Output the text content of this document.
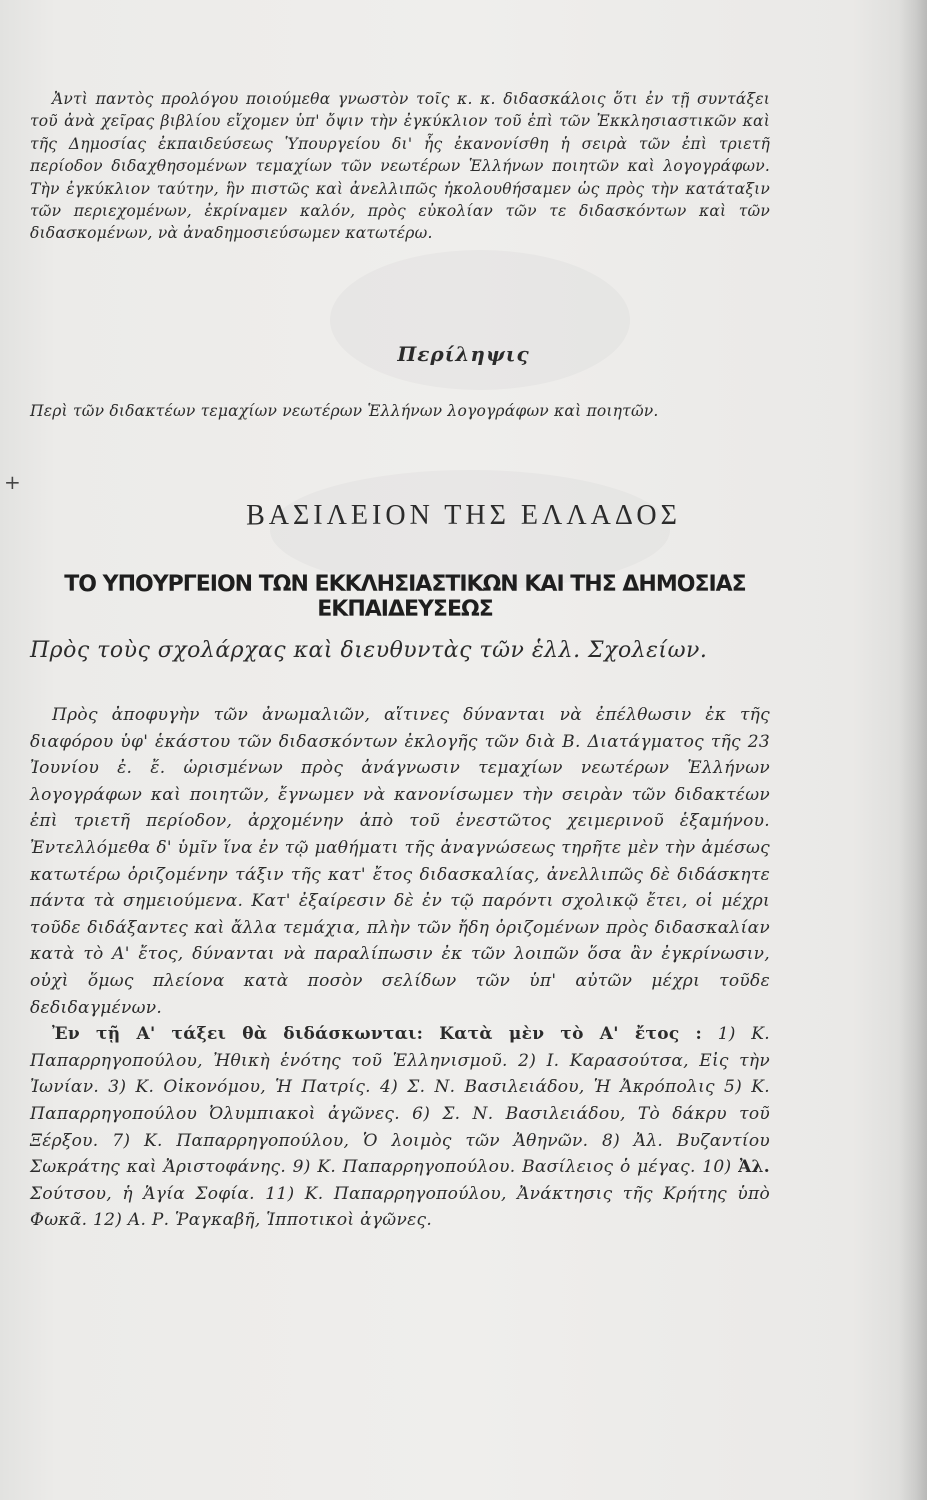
Ἀντὶ παντὸς προλόγου ποιούμεθα γνωστὸν τοῖς κ. κ. διδασκάλοις ὅτι ἐν τῇ συντάξει τοῦ ἀνὰ χεῖρας βιβλίου εἴχομεν ὑπ' ὄψιν τὴν ἐγκύκλιον τοῦ ἐπὶ τῶν Ἐκκλησιαστικῶν καὶ τῆς Δημοσίας ἐκπαιδεύσεως Ὑπουργείου δι' ἧς ἐκανονίσθη ἡ σειρὰ τῶν ἐπὶ τριετῆ περίοδον διδαχθησομένων τεμαχίων τῶν νεωτέρων Ἑλλήνων ποιητῶν καὶ λογογράφων. Τὴν ἐγκύκλιον ταύτην, ἣν πιστῶς καὶ ἀνελλιπῶς ἠκολουθήσαμεν ὡς πρὸς τὴν κατάταξιν τῶν περιεχομένων, ἐκρίναμεν καλόν, πρὸς εὐκολίαν τῶν τε διδασκόντων καὶ τῶν διδασκομένων, νὰ ἀναδημοσιεύσωμεν κατωτέρω.

Περίληψις
Περὶ τῶν διδακτέων τεμαχίων νεωτέρων Ἑλλήνων λογογράφων καὶ ποιητῶν.
+
ΒΑΣΙΛΕΙΟΝ ΤΗΣ ΕΛΛΑΔΟΣ
ΤΟ ΥΠΟΥΡΓΕΙΟΝ ΤΩΝ ΕΚΚΛΗΣΙΑΣΤΙΚΩΝ ΚΑΙ ΤΗΣ ΔΗΜΟΣΙΑΣ ΕΚΠΑΙΔΕΥΣΕΩΣ
Πρὸς τοὺς σχολάρχας καὶ διευθυντὰς τῶν ἑλλ. Σχολείων.

Πρὸς ἀποφυγὴν τῶν ἀνωμαλιῶν, αἵτινες δύνανται νὰ ἐπέλθωσιν ἐκ τῆς διαφόρου ὑφ' ἑκάστου τῶν διδασκόντων ἐκλογῆς τῶν διὰ Β. Διατάγματος τῆς 23 Ἰουνίου ἐ. ἔ. ὡρισμένων πρὸς ἀνάγνωσιν τεμαχίων νεωτέρων Ἑλλήνων λογογράφων καὶ ποιητῶν, ἔγνωμεν νὰ κανονίσωμεν τὴν σειρὰν τῶν διδακτέων ἐπὶ τριετῆ περίοδον, ἀρχομένην ἀπὸ τοῦ ἐνεστῶτος χειμερινοῦ ἑξαμήνου. Ἐντελλόμεθα δ' ὑμῖν ἵνα ἐν τῷ μαθήματι τῆς ἀναγνώσεως τηρῆτε μὲν τὴν ἀμέσως κατωτέρω ὁριζομένην τάξιν τῆς κατ' ἔτος διδασκαλίας, ἀνελλιπῶς δὲ διδάσκητε πάντα τὰ σημειούμενα. Κατ' ἐξαίρεσιν δὲ ἐν τῷ παρόντι σχολικῷ ἔτει, οἱ μέχρι τοῦδε διδάξαντες καὶ ἄλλα τεμάχια, πλὴν τῶν ἤδη ὁριζομένων πρὸς διδασκαλίαν κατὰ τὸ Α' ἔτος, δύνανται νὰ παραλίπωσιν ἐκ τῶν λοιπῶν ὅσα ἂν ἐγκρίνωσιν, οὐχὶ ὅμως πλείονα κατὰ ποσὸν σελίδων τῶν ὑπ' αὐτῶν μέχρι τοῦδε δεδιδαγμένων.

Ἐν τῇ Α' τάξει θὰ διδάσκωνται: Κατὰ μὲν τὸ Α' ἔτος : 1) Κ. Παπαρρηγοπούλου, Ἠθικὴ ἑνότης τοῦ Ἑλληνισμοῦ. 2) Ι. Καρασούτσα, Εἰς τὴν Ἰωνίαν. 3) Κ. Οἰκονόμου, Ἡ Πατρίς. 4) Σ. Ν. Βασιλειάδου, Ἡ Ἀκρόπολις 5) Κ. Παπαρρηγοπούλου Ὀλυμπιακοὶ ἀγῶνες. 6) Σ. Ν. Βασιλειάδου, Τὸ δάκρυ τοῦ Ξέρξου. 7) Κ. Παπαρρηγοπούλου, Ὁ λοιμὸς τῶν Ἀθηνῶν. 8) Ἀλ. Βυζαντίου Σωκράτης καὶ Ἀριστοφάνης. 9) Κ. Παπαρρηγοπούλου. Βασίλειος ὁ μέγας. 10) Ἀλ. Σούτσου, ἡ Ἁγία Σοφία. 11) Κ. Παπαρρηγοπούλου, Ἀνάκτησις τῆς Κρήτης ὑπὸ Φωκᾶ. 12) Α. Ρ. Ῥαγκαβῆ, Ἱπποτικοὶ ἀγῶνες.
